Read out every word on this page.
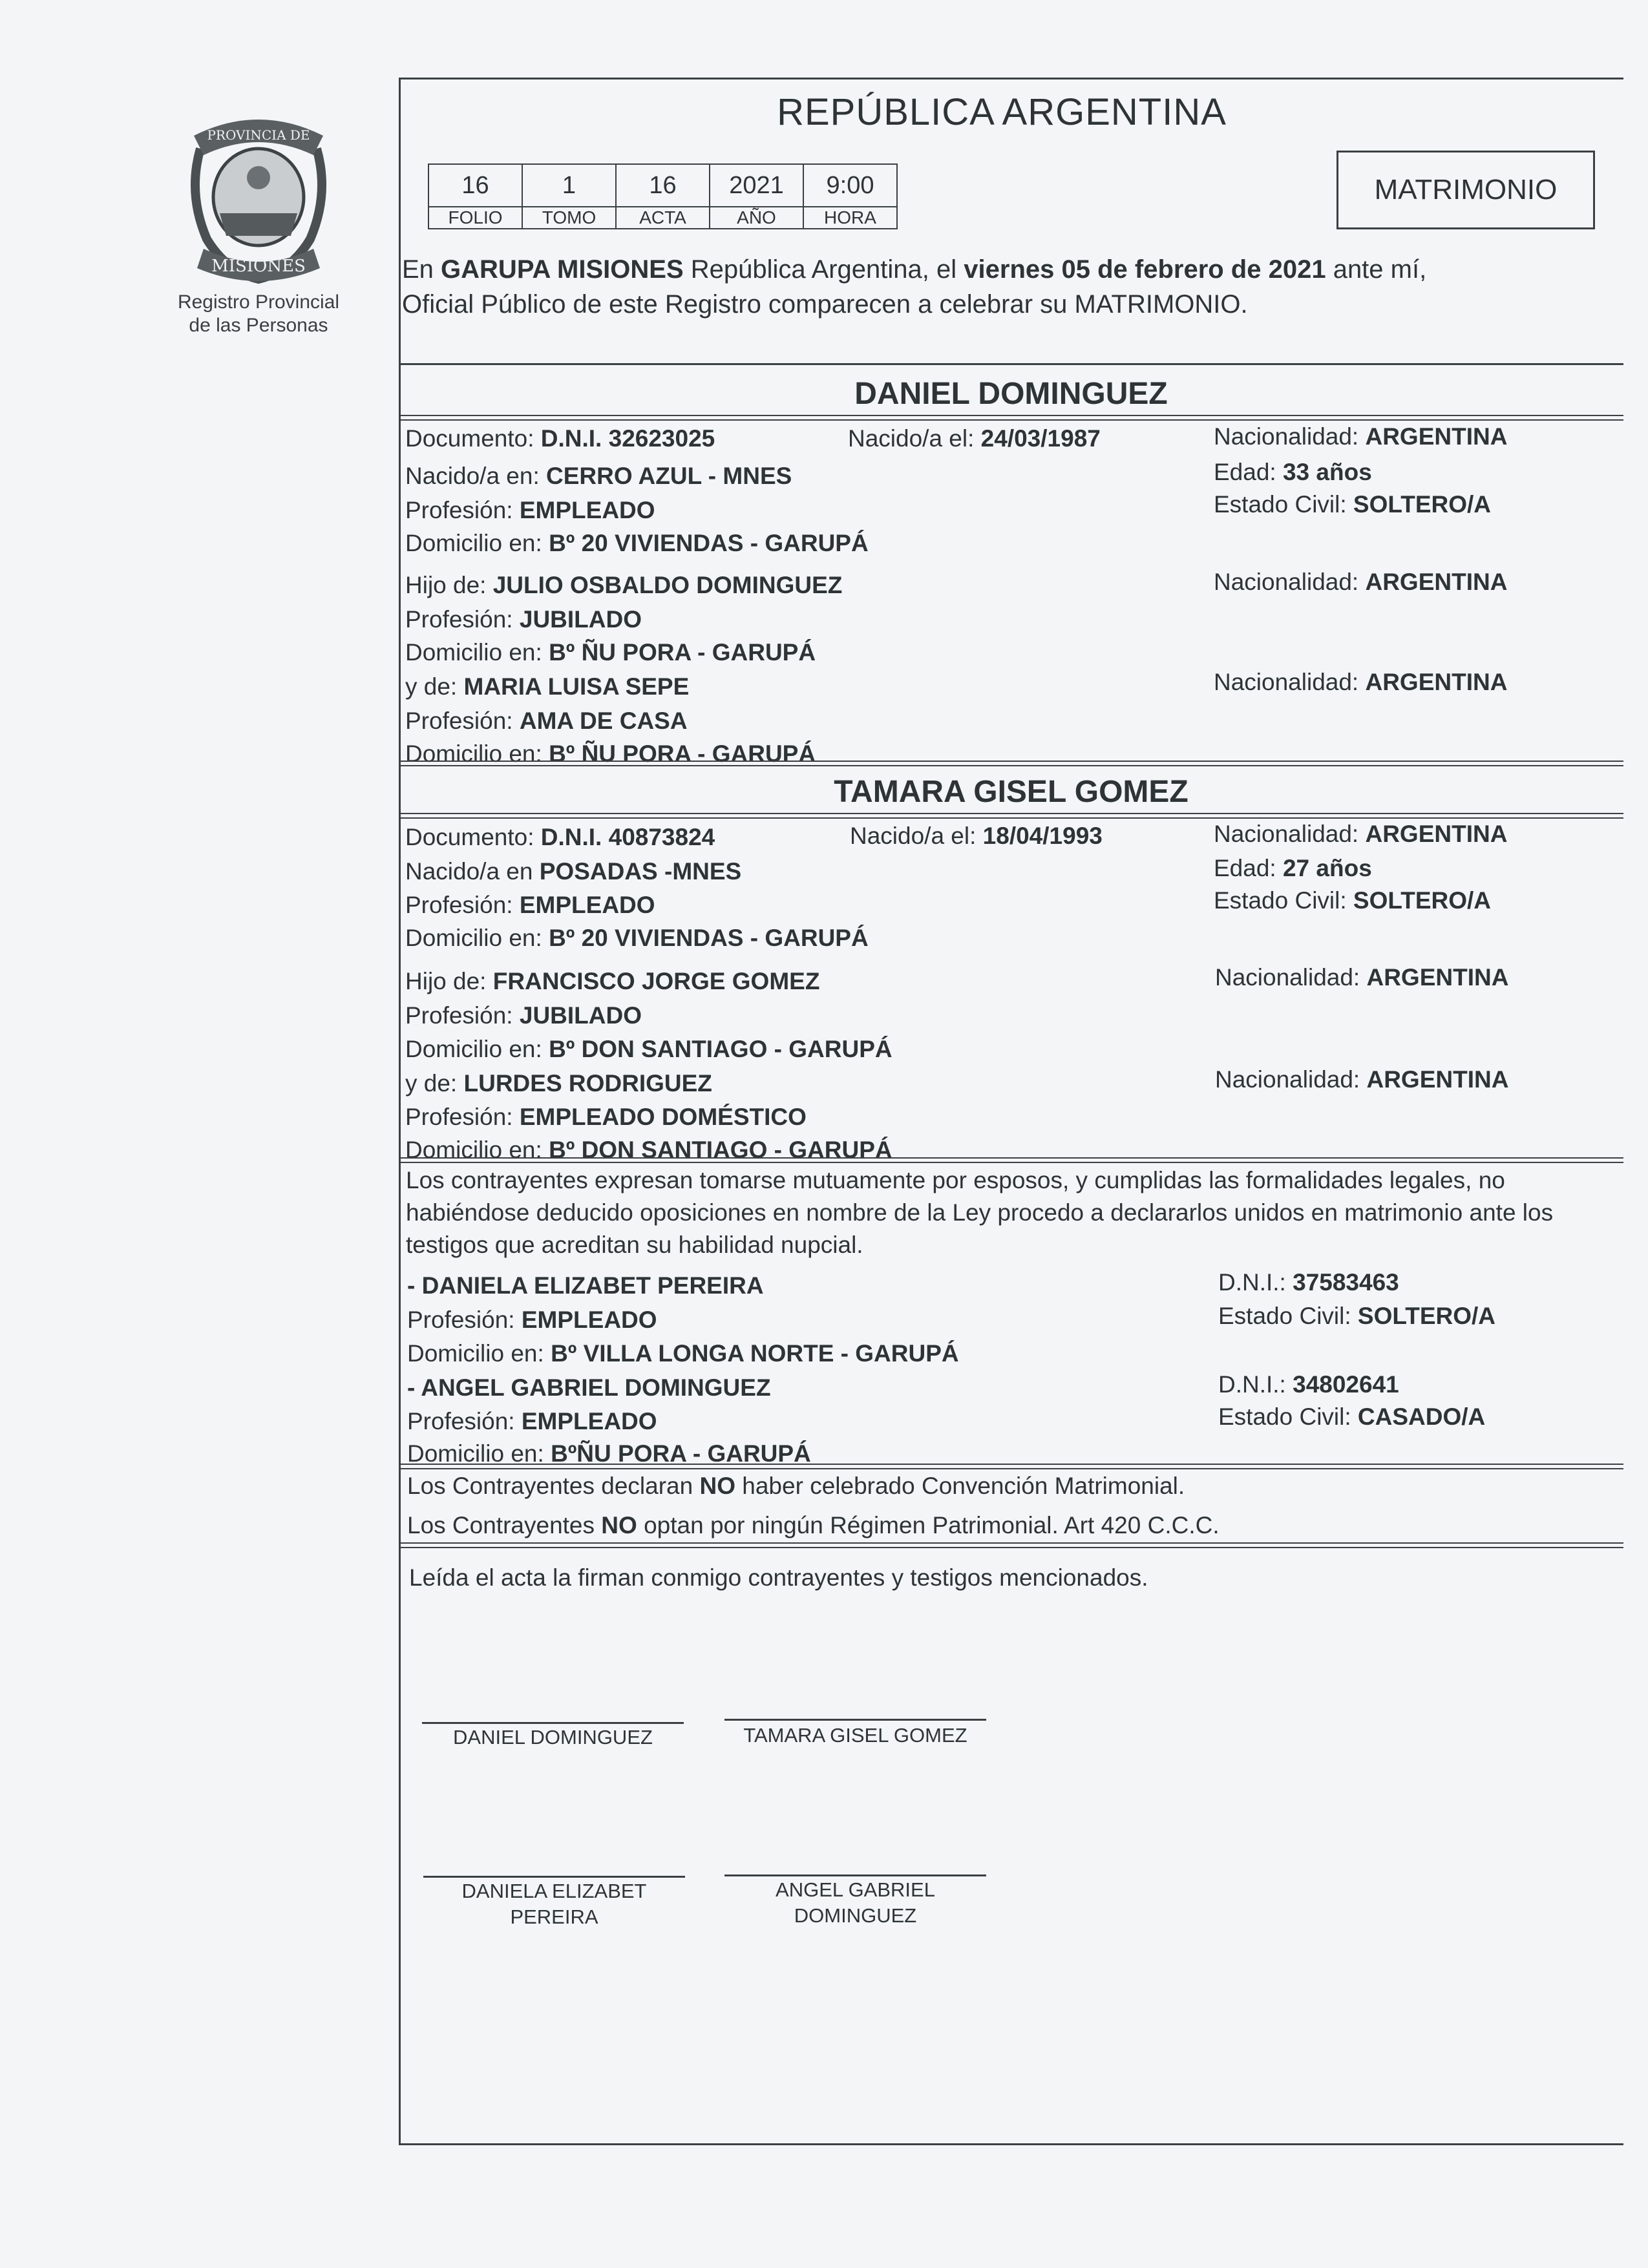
PROVINCIA DE
MISIONES
Registro Provincial
de las Personas
REPÚBLICA ARGENTINA
16	1	16	2021	9:00
FOLIO	TOMO	ACTA	AÑO	HORA
MATRIMONIO
En GARUPA MISIONES República Argentina, el viernes 05 de febrero de 2021 ante mí,
Oficial Público de este Registro comparecen a celebrar su MATRIMONIO.
DANIEL DOMINGUEZ
Documento: D.N.I. 32623025	Nacido/a el: 24/03/1987	Nacionalidad: ARGENTINA
Nacido/a en: CERRO AZUL - MNES	Edad: 33 años
Profesión: EMPLEADO	Estado Civil: SOLTERO/A
Domicilio en: Bº 20 VIVIENDAS - GARUPÁ
Hijo de: JULIO OSBALDO DOMINGUEZ	Nacionalidad: ARGENTINA
Profesión: JUBILADO
Domicilio en: Bº ÑU PORA - GARUPÁ
y de: MARIA LUISA SEPE	Nacionalidad: ARGENTINA
Profesión: AMA DE CASA
Domicilio en: Bº ÑU PORA - GARUPÁ
TAMARA GISEL GOMEZ
Documento: D.N.I. 40873824	Nacido/a el: 18/04/1993	Nacionalidad: ARGENTINA
Nacido/a en POSADAS -MNES	Edad: 27 años
Profesión: EMPLEADO	Estado Civil: SOLTERO/A
Domicilio en: Bº 20 VIVIENDAS - GARUPÁ
Hijo de: FRANCISCO JORGE GOMEZ	Nacionalidad: ARGENTINA
Profesión: JUBILADO
Domicilio en: Bº DON SANTIAGO - GARUPÁ
y de: LURDES RODRIGUEZ	Nacionalidad: ARGENTINA
Profesión: EMPLEADO DOMÉSTICO
Domicilio en: Bº DON SANTIAGO - GARUPÁ
Los contrayentes expresan tomarse mutuamente por esposos, y cumplidas las formalidades legales, no habiéndose deducido oposiciones en nombre de la Ley procedo a declararlos unidos en matrimonio ante los testigos que acreditan su habilidad nupcial.
- DANIELA ELIZABET PEREIRA	D.N.I.: 37583463
Profesión: EMPLEADO	Estado Civil: SOLTERO/A
Domicilio en: Bº VILLA LONGA NORTE - GARUPÁ
- ANGEL GABRIEL DOMINGUEZ	D.N.I.: 34802641
Profesión: EMPLEADO	Estado Civil: CASADO/A
Domicilio en: BºÑU PORA - GARUPÁ
Los Contrayentes declaran NO haber celebrado Convención Matrimonial.
Los Contrayentes NO optan por ningún Régimen Patrimonial. Art 420 C.C.C.
Leída el acta la firman conmigo contrayentes y testigos mencionados.
DANIEL DOMINGUEZ	TAMARA GISEL GOMEZ
DANIELA ELIZABET
PEREIRA
ANGEL GABRIEL
DOMINGUEZ
